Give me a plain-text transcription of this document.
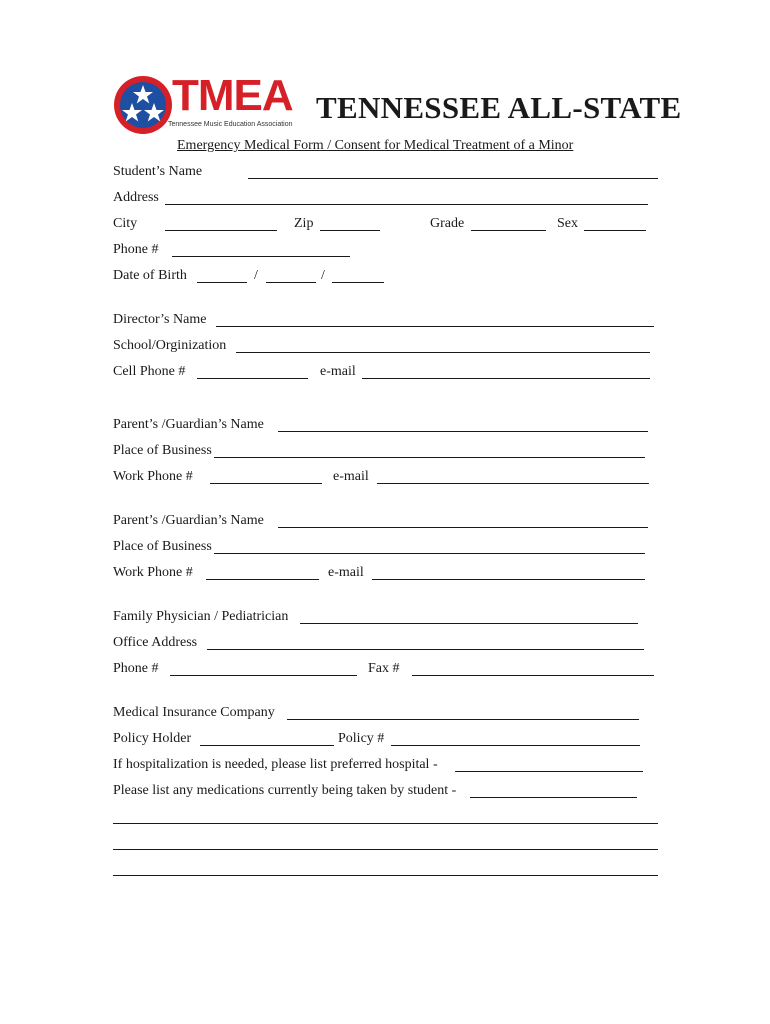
TMEA
Tennessee Music Education Association TENNESSEE ALL-STATE
Emergency Medical Form / Consent for Medical Treatment of a Minor
Student’s Name
Address
City	Zip	Grade	Sex
Phone #
Date of Birth	/	/
Director’s Name
School/Orginization
Cell Phone #	e-mail
Parent’s /Guardian’s Name
Place of Business
Work Phone #	e-mail
Parent’s /Guardian’s Name
Place of Business
Work Phone #	e-mail
Family Physician / Pediatrician
Office Address
Phone #	Fax #
Medical Insurance Company
Policy Holder	Policy #
If hospitalization is needed, please list preferred hospital -
Please list any medications currently being taken by student -
